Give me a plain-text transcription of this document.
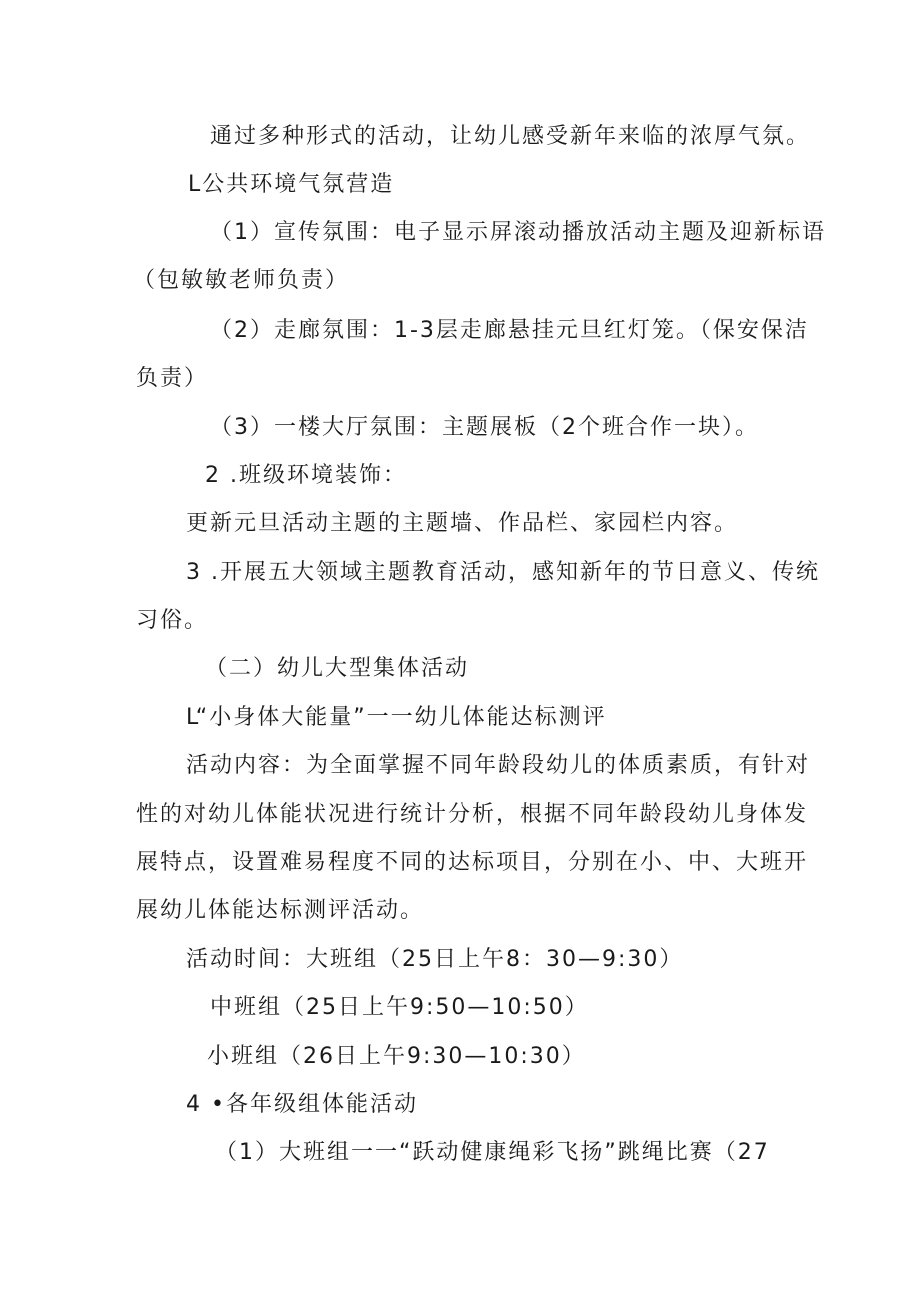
通过多种形式的活动，让幼儿感受新年来临的浓厚气氛。
L公共环境气氛营造
（1）宣传氛围：电子显示屏滚动播放活动主题及迎新标语
（包敏敏老师负责）
（2）走廊氛围：1-3层走廊悬挂元旦红灯笼。（保安保洁
负责）
（3）一楼大厅氛围：主题展板（2个班合作一块）。
2 .班级环境装饰：
更新元旦活动主题的主题墙、作品栏、家园栏内容。
3 .开展五大领域主题教育活动，感知新年的节日意义、传统
习俗。
（二）幼儿大型集体活动
L“小身体大能量”一一幼儿体能达标测评
活动内容：为全面掌握不同年龄段幼儿的体质素质，有针对
性的对幼儿体能状况进行统计分析，根据不同年龄段幼儿身体发
展特点，设置难易程度不同的达标项目，分别在小、中、大班开
展幼儿体能达标测评活动。
活动时间：大班组（25日上午8：30—9:30）
中班组（25日上午9:50—10:50）
小班组（26日上午9:30—10:30）
4 •各年级组体能活动
（1）大班组一一“跃动健康绳彩飞扬”跳绳比赛（27
